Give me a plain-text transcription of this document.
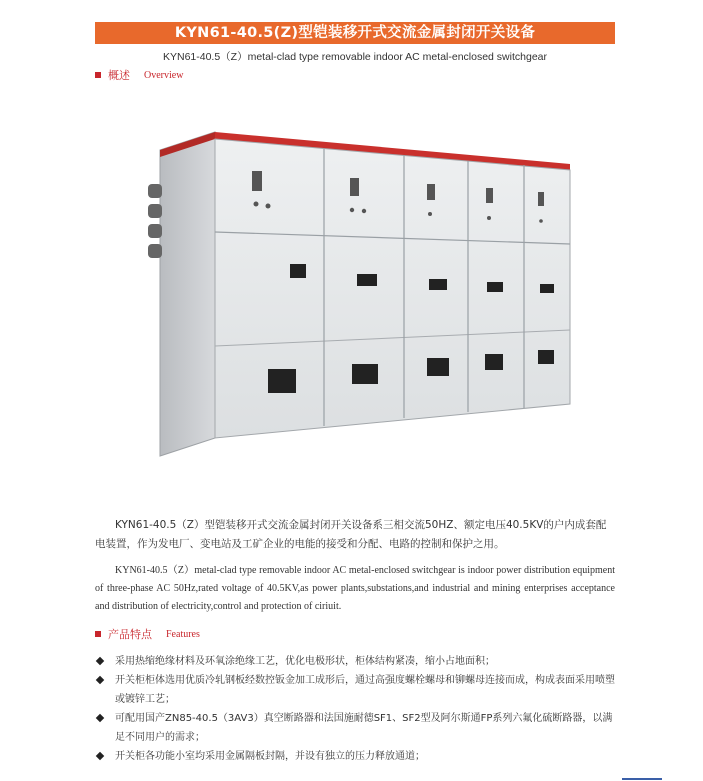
KYN61-40.5(Z)型铠装移开式交流金属封闭开关设备
KYN61-40.5（Z）metal-clad type removable indoor AC metal-enclosed switchgear
概述 Overview
KYN61-40.5（Z）型铠装移开式交流金属封闭开关设备系三相交流50HZ、额定电压40.5KV的户内成套配电装置，作为发电厂、变电站及工矿企业的电能的接受和分配、电路的控制和保护之用。
KYN61-40.5（Z）metal-clad type removable indoor AC metal-enclosed switchgear is indoor power distribution equipment of three-phase AC 50Hz,rated voltage of 40.5KV,as power plants,substations,and industrial and mining enterprises acceptance and distribution of electricity,control and protection of ciriuit.
产品特点 Features
采用热缩绝缘材料及环氧涂绝缘工艺，优化电极形状，柜体结构紧凑，缩小占地面积；
开关柜柜体选用优质冷轧钢板经数控钣金加工成形后，通过高强度螺栓螺母和铆螺母连接而成，构成表面采用喷塑或镀锌工艺；
可配用国产ZN85-40.5（3AV3）真空断路器和法国施耐德SF1、SF2型及阿尔斯通FP系列六氟化硫断路器，以满足不同用户的需求；
开关柜各功能小室均采用金属隔板封隔，并设有独立的压力释放通道；
